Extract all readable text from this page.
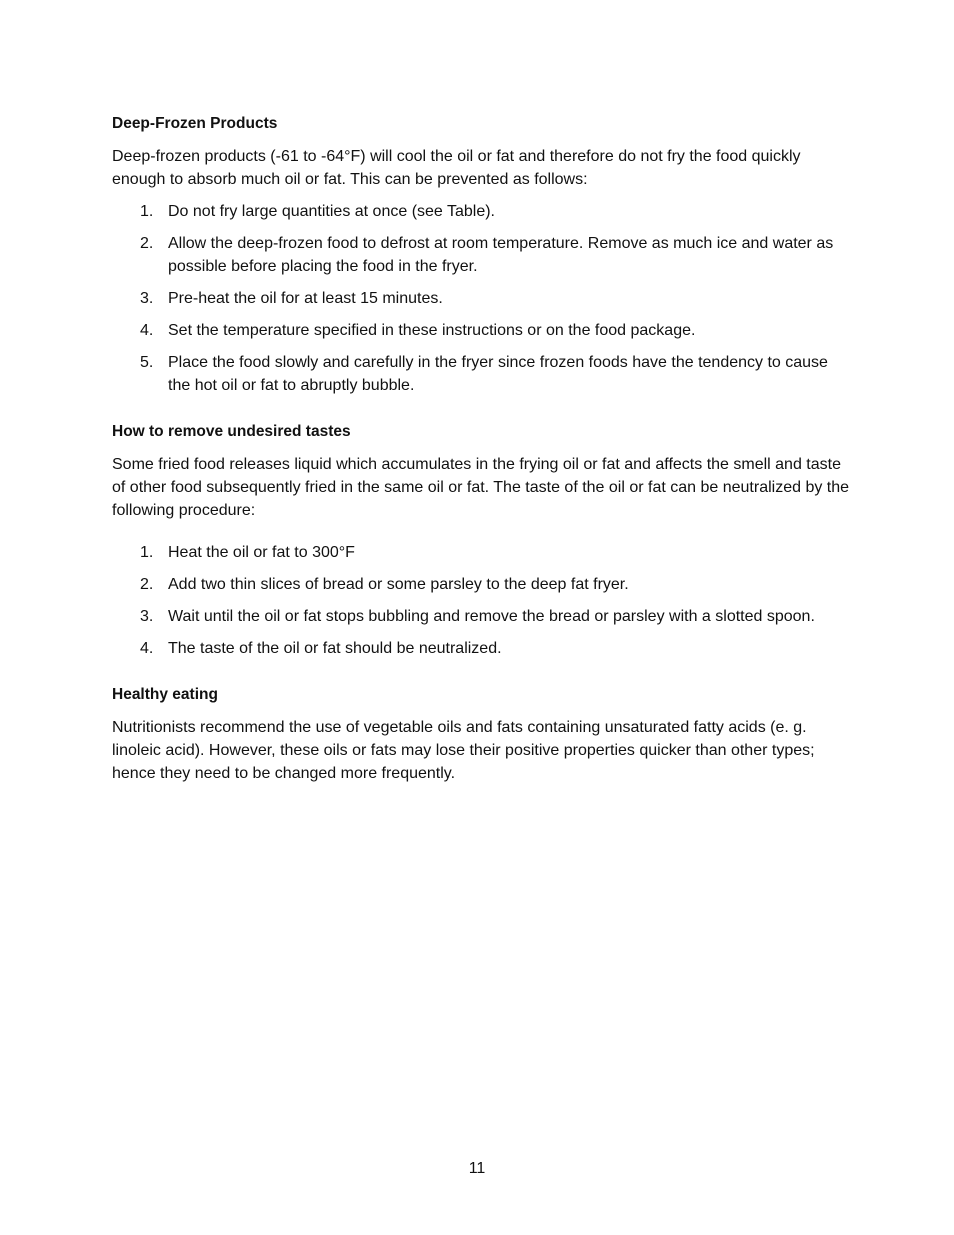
Deep-Frozen Products

Deep-frozen products (-61 to -64°F) will cool the oil or fat and therefore do not fry the food quickly enough to absorb much oil or fat. This can be prevented as follows:

1. Do not fry large quantities at once (see Table).
2. Allow the deep-frozen food to defrost at room temperature. Remove as much ice and water as possible before placing the food in the fryer.
3. Pre-heat the oil for at least 15 minutes.
4. Set the temperature specified in these instructions or on the food package.
5. Place the food slowly and carefully in the fryer since frozen foods have the tendency to cause the hot oil or fat to abruptly bubble.
How to remove undesired tastes

Some fried food releases liquid which accumulates in the frying oil or fat and affects the smell and taste of other food subsequently fried in the same oil or fat. The taste of the oil or fat can be neutralized by the following procedure:

1. Heat the oil or fat to 300°F
2. Add two thin slices of bread or some parsley to the deep fat fryer.
3. Wait until the oil or fat stops bubbling and remove the bread or parsley with a slotted spoon.
4. The taste of the oil or fat should be neutralized.
Healthy eating

Nutritionists recommend the use of vegetable oils and fats containing unsaturated fatty acids (e. g. linoleic acid). However, these oils or fats may lose their positive properties quicker than other types; hence they need to be changed more frequently.

11
